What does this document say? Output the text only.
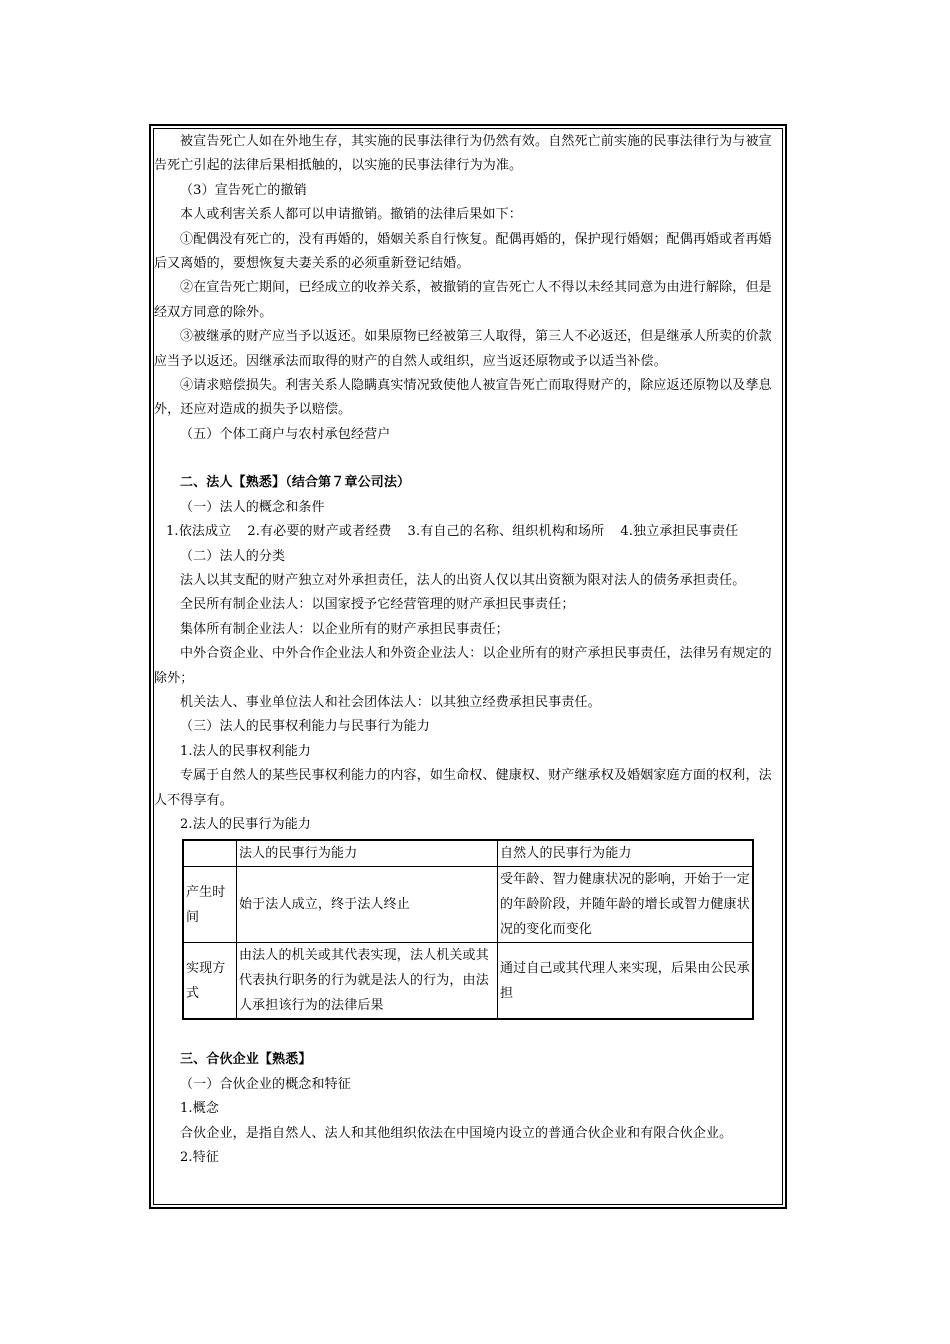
被宣告死亡人如在外地生存，其实施的民事法律行为仍然有效。自然死亡前实施的民事法律行为与被宣告死亡引起的法律后果相抵触的，以实施的民事法律行为为准。

（3）宣告死亡的撤销

本人或利害关系人都可以申请撤销。撤销的法律后果如下：

①配偶没有死亡的，没有再婚的，婚姻关系自行恢复。配偶再婚的，保护现行婚姻；配偶再婚或者再婚后又离婚的，要想恢复夫妻关系的必须重新登记结婚。

②在宣告死亡期间，已经成立的收养关系，被撤销的宣告死亡人不得以未经其同意为由进行解除，但是经双方同意的除外。

③被继承的财产应当予以返还。如果原物已经被第三人取得，第三人不必返还，但是继承人所卖的价款应当予以返还。因继承法而取得的财产的自然人或组织，应当返还原物或予以适当补偿。

④请求赔偿损失。利害关系人隐瞒真实情况致使他人被宣告死亡而取得财产的，除应返还原物以及孳息外，还应对造成的损失予以赔偿。

（五）个体工商户与农村承包经营户

二、法人【熟悉】（结合第７章公司法）

（一）法人的概念和条件

1.依法成立 2.有必要的财产或者经费 3.有自己的名称、组织机构和场所 4.独立承担民事责任

（二）法人的分类

法人以其支配的财产独立对外承担责任，法人的出资人仅以其出资额为限对法人的债务承担责任。

全民所有制企业法人：以国家授予它经营管理的财产承担民事责任；

集体所有制企业法人：以企业所有的财产承担民事责任；

中外合资企业、中外合作企业法人和外资企业法人：以企业所有的财产承担民事责任，法律另有规定的除外；

机关法人、事业单位法人和社会团体法人：以其独立经费承担民事责任。

（三）法人的民事权利能力与民事行为能力

1.法人的民事权利能力

专属于自然人的某些民事权利能力的内容，如生命权、健康权、财产继承权及婚姻家庭方面的权利，法人不得享有。

2.法人的民事行为能力

	法人的民事行为能力	自然人的民事行为能力
产生时间	始于法人成立，终于法人终止	受年龄、智力健康状况的影响，开始于一定的年龄阶段，并随年龄的增长或智力健康状况的变化而变化
实现方式	由法人的机关或其代表实现，法人机关或其代表执行职务的行为就是法人的行为，由法人承担该行为的法律后果	通过自己或其代理人来实现，后果由公民承担

三、合伙企业【熟悉】

（一）合伙企业的概念和特征

1.概念

合伙企业，是指自然人、法人和其他组织依法在中国境内设立的普通合伙企业和有限合伙企业。

2.特征
